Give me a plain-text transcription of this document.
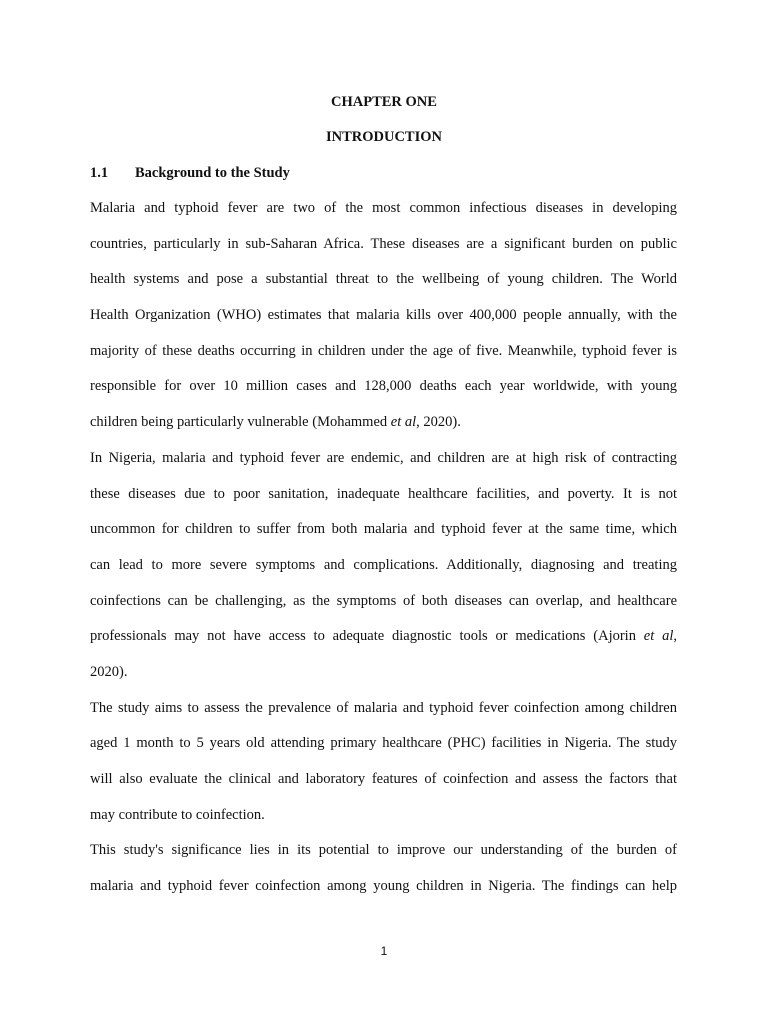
CHAPTER ONE

INTRODUCTION

1.1 Background to the Study

Malaria and typhoid fever are two of the most common infectious diseases in developing
countries, particularly in sub-Saharan Africa. These diseases are a significant burden on public
health systems and pose a substantial threat to the wellbeing of young children. The World
Health Organization (WHO) estimates that malaria kills over 400,000 people annually, with the
majority of these deaths occurring in children under the age of five. Meanwhile, typhoid fever is
responsible for over 10 million cases and 128,000 deaths each year worldwide, with young
children being particularly vulnerable (Mohammed et al, 2020).

In Nigeria, malaria and typhoid fever are endemic, and children are at high risk of contracting
these diseases due to poor sanitation, inadequate healthcare facilities, and poverty. It is not
uncommon for children to suffer from both malaria and typhoid fever at the same time, which
can lead to more severe symptoms and complications. Additionally, diagnosing and treating
coinfections can be challenging, as the symptoms of both diseases can overlap, and healthcare
professionals may not have access to adequate diagnostic tools or medications (Ajorin et al,
2020).

The study aims to assess the prevalence of malaria and typhoid fever coinfection among children
aged 1 month to 5 years old attending primary healthcare (PHC) facilities in Nigeria. The study
will also evaluate the clinical and laboratory features of coinfection and assess the factors that
may contribute to coinfection.

This study's significance lies in its potential to improve our understanding of the burden of
malaria and typhoid fever coinfection among young children in Nigeria. The findings can help

1
